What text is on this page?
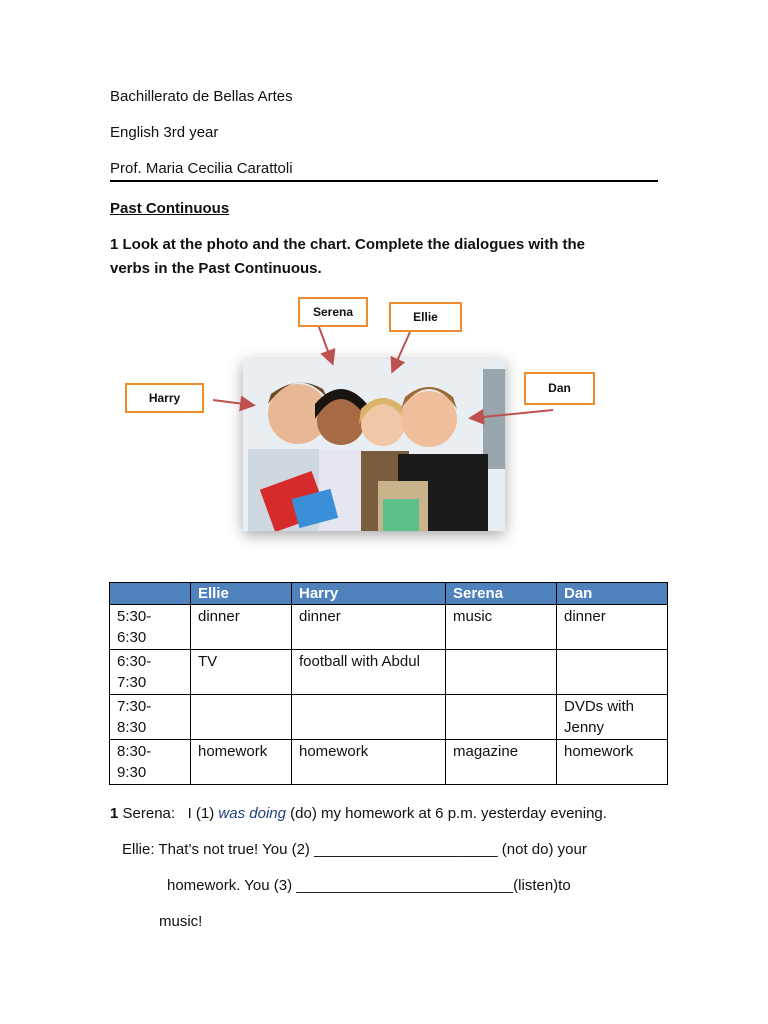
Bachillerato de Bellas Artes
English 3rd year
Prof. Maria Cecilia Carattoli
Past Continuous
1 Look at the photo and the chart. Complete the dialogues with the
verbs in the Past Continuous.
Serena	Ellie
Harry
Dan
	Ellie	Harry	Serena	Dan
5:30- 6:30	dinner	dinner	music	dinner
6:30- 7:30	TV	football with Abdul		
7:30- 8:30				DVDs with Jenny
8:30- 9:30	homework	homework	magazine	homework
1 Serena: I (1) was doing (do) my homework at 6 p.m. yesterday evening.
Ellie: That’s not true! You (2) ______________________ (not do) your
homework. You (3) __________________________(listen)to
music!
